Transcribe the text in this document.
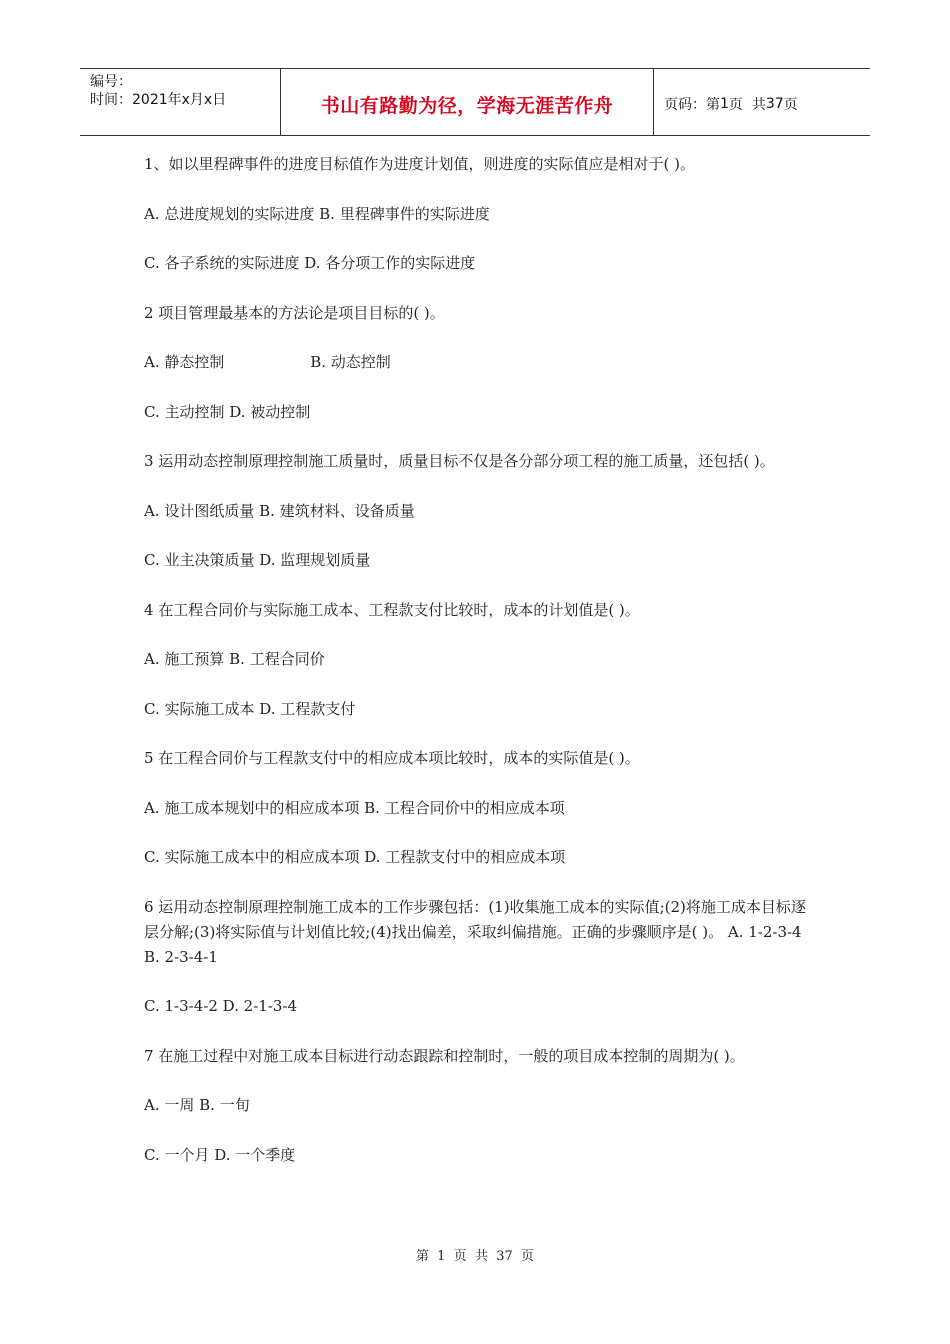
编号：
时间：2021年x月x日	书山有路勤为径，学海无涯苦作舟	页码：第 1 页  共 37 页

1、如以里程碑事件的进度目标值作为进度计划值，则进度的实际值应是相对于( )。

A. 总进度规划的实际进度 B. 里程碑事件的实际进度

C. 各子系统的实际进度 D. 各分项工作的实际进度

2 项目管理最基本的方法论是项目目标的( )。

A. 静态控制                  B. 动态控制

C. 主动控制 D. 被动控制

3 运用动态控制原理控制施工质量时，质量目标不仅是各分部分项工程的施工质量，还包括( )。

A. 设计图纸质量 B. 建筑材料、设备质量

C. 业主决策质量 D. 监理规划质量

4 在工程合同价与实际施工成本、工程款支付比较时，成本的计划值是( )。

A. 施工预算 B. 工程合同价

C. 实际施工成本 D. 工程款支付

5 在工程合同价与工程款支付中的相应成本项比较时，成本的实际值是( )。

A. 施工成本规划中的相应成本项 B. 工程合同价中的相应成本项

C. 实际施工成本中的相应成本项 D. 工程款支付中的相应成本项

6 运用动态控制原理控制施工成本的工作步骤包括：(1)收集施工成本的实际值;(2)将施工成本目标逐层分解;(3)将实际值与计划值比较;(4)找出偏差，采取纠偏措施。正确的步骤顺序是( )。 A. 1-2-3-4 B. 2-3-4-1

C. 1-3-4-2 D. 2-1-3-4

7 在施工过程中对施工成本目标进行动态跟踪和控制时，一般的项目成本控制的周期为( )。

A. 一周 B. 一旬

C. 一个月 D. 一个季度

第  1  页  共  37  页
